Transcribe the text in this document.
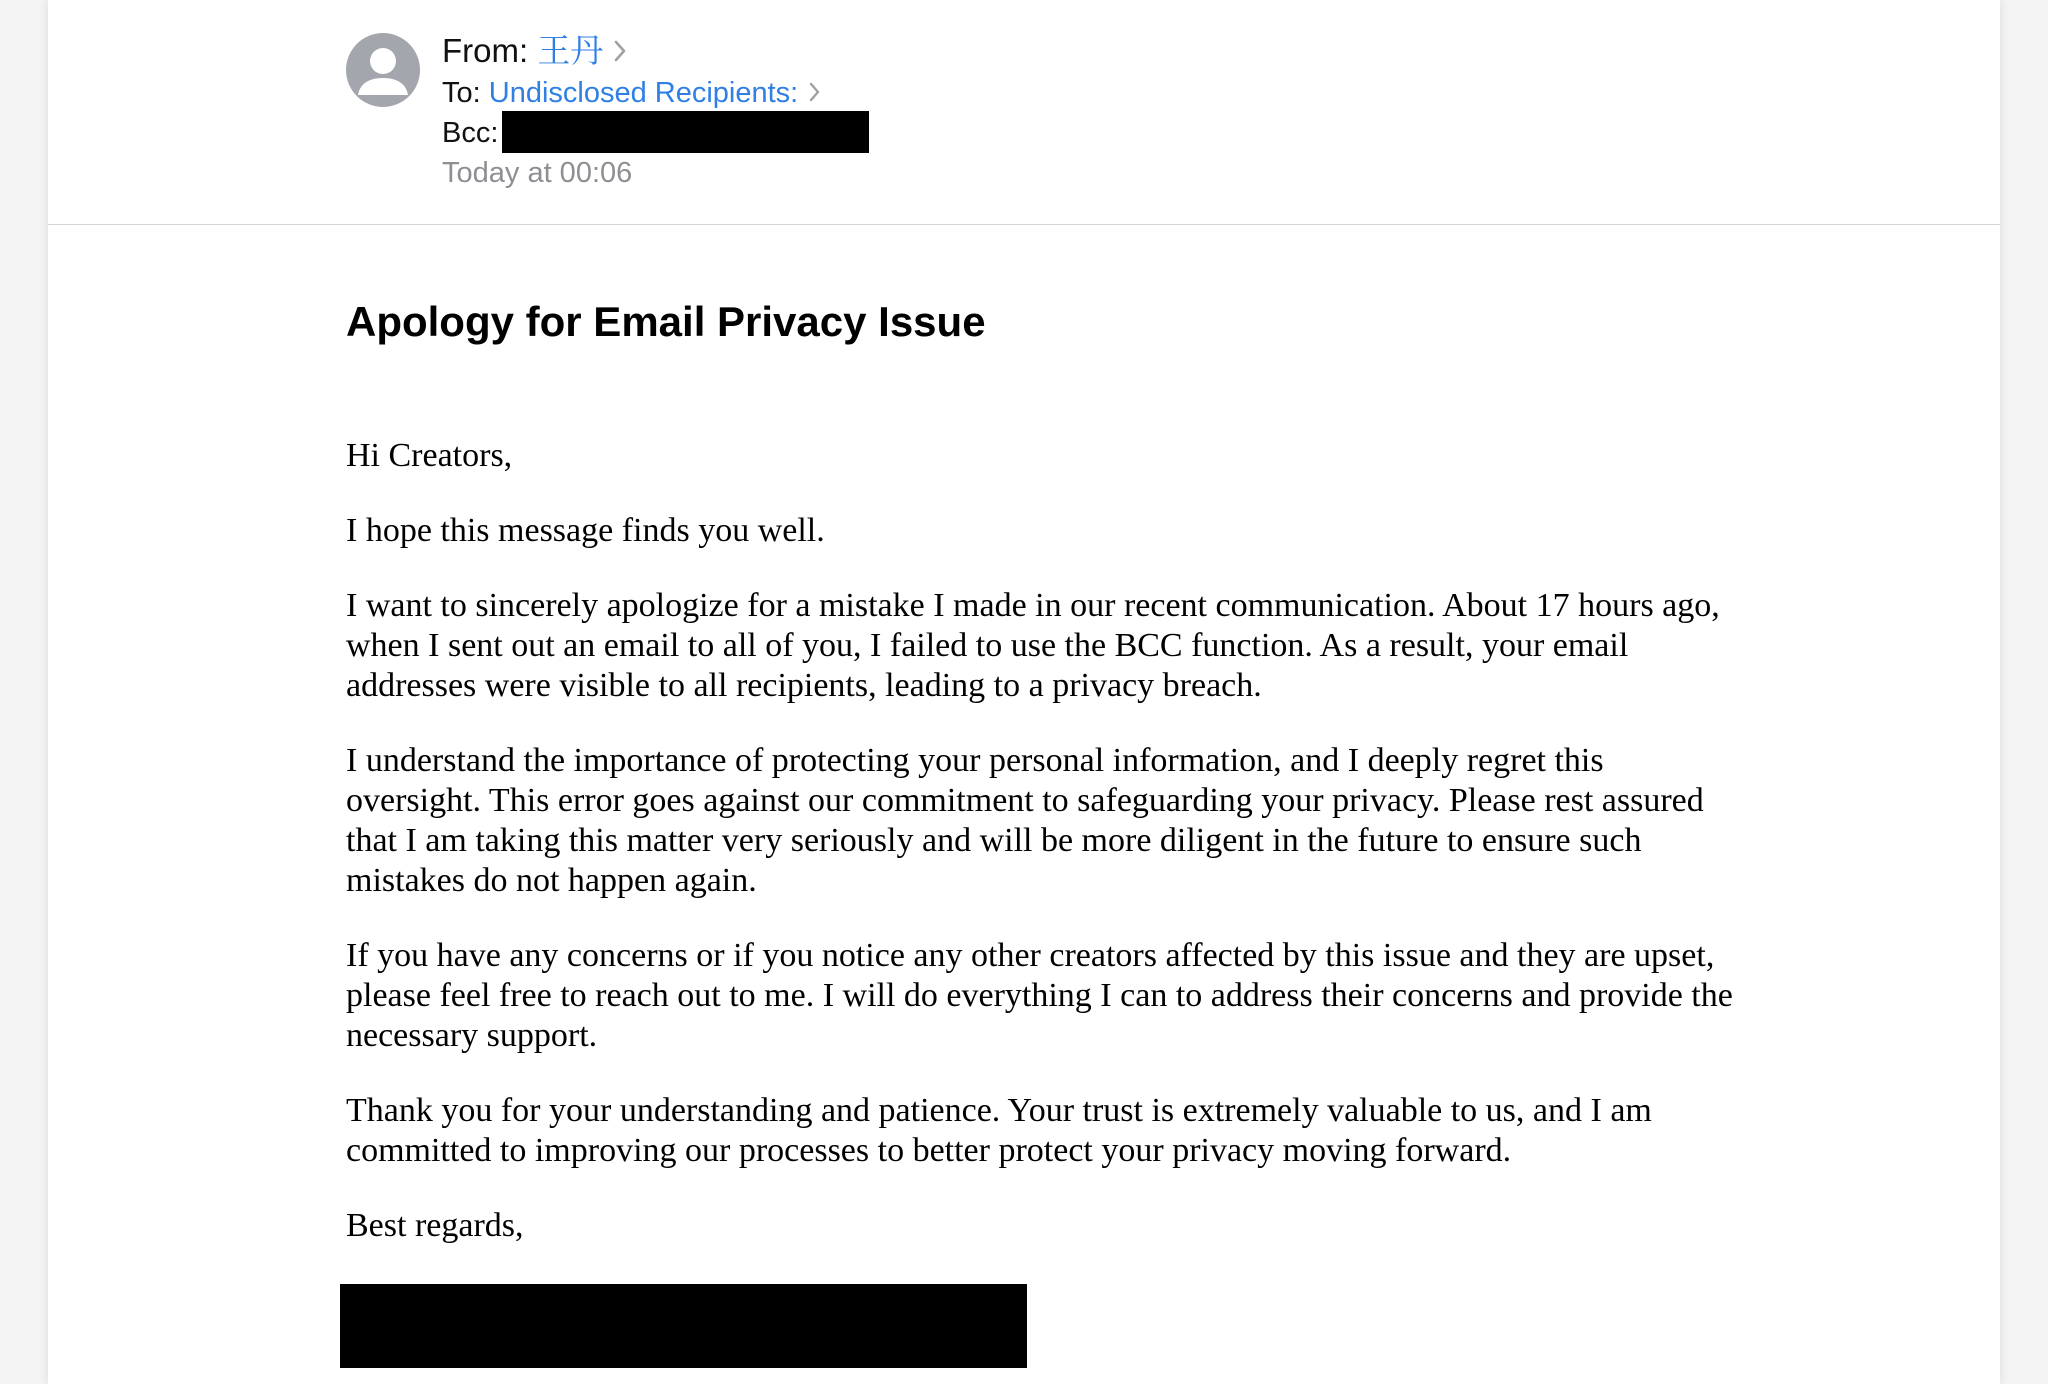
From: 王丹
To: Undisclosed Recipients:
Bcc:
Today at 00:06
Apology for Email Privacy Issue

Hi Creators,

I hope this message finds you well.

I want to sincerely apologize for a mistake I made in our recent communication. About 17 hours ago, when I sent out an email to all of you, I failed to use the BCC function. As a result, your email addresses were visible to all recipients, leading to a privacy breach.

I understand the importance of protecting your personal information, and I deeply regret this oversight. This error goes against our commitment to safeguarding your privacy. Please rest assured that I am taking this matter very seriously and will be more diligent in the future to ensure such mistakes do not happen again.

If you have any concerns or if you notice any other creators affected by this issue and they are upset, please feel free to reach out to me. I will do everything I can to address their concerns and provide the necessary support.

Thank you for your understanding and patience. Your trust is extremely valuable to us, and I am committed to improving our processes to better protect your privacy moving forward.

Best regards,
